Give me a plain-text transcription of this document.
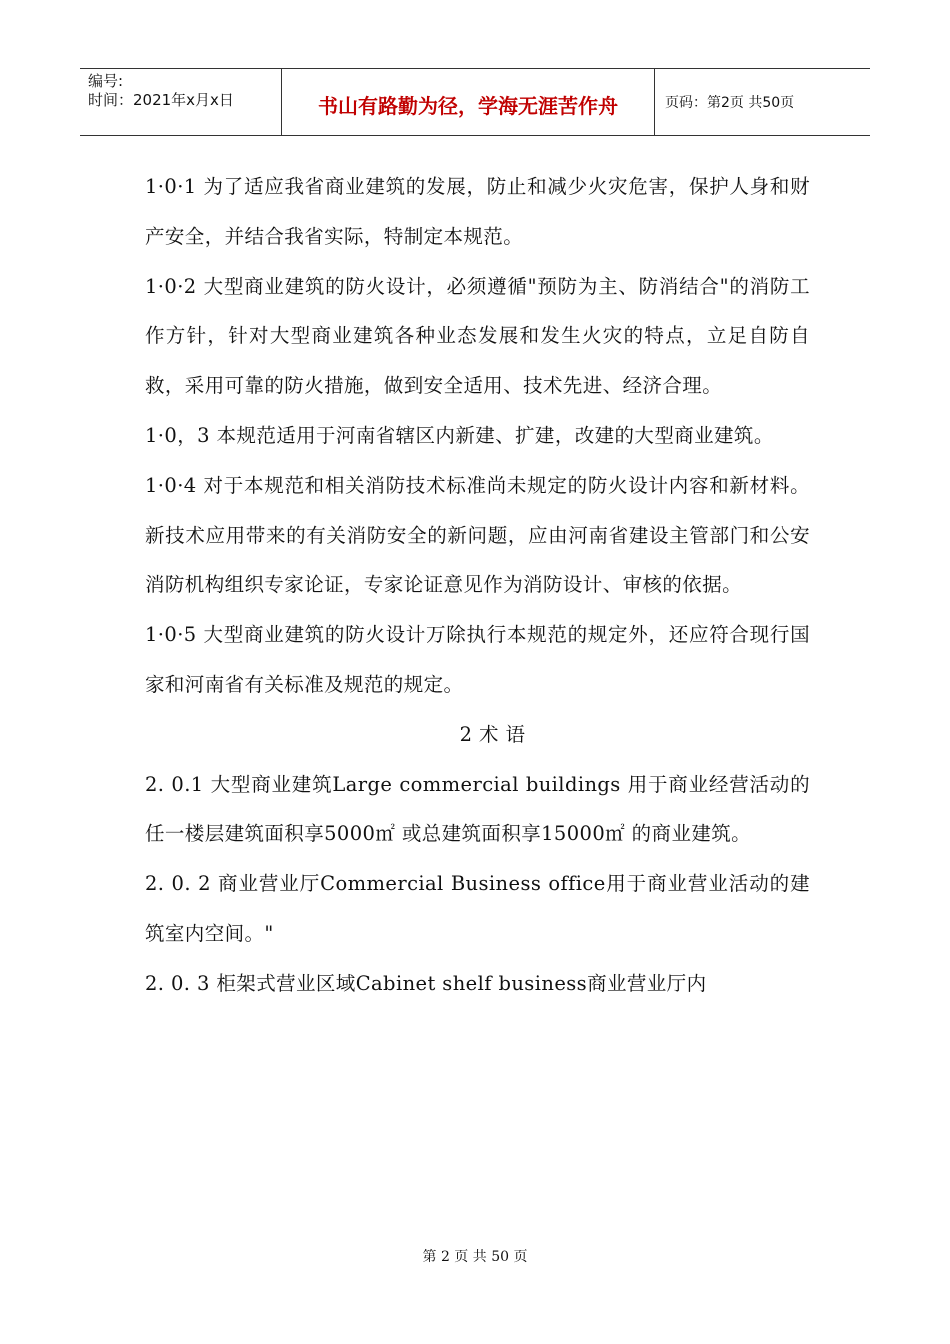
编号:
时间：2021年x月x日	书山有路勤为径，学海无涯苦作舟	页码：第2页 共50页

1·0·1 为了适应我省商业建筑的发展，防止和减少火灾危害，保护人身和财产安全，并结合我省实际，特制定本规范。

1·0·2 大型商业建筑的防火设计，必须遵循"预防为主、防消结合"的消防工作方针，针对大型商业建筑各种业态发展和发生火灾的特点，立足自防自救，采用可靠的防火措施，做到安全适用、技术先进、经济合理。

1·0，3 本规范适用于河南省辖区内新建、扩建，改建的大型商业建筑。

1·0·4 对于本规范和相关消防技术标准尚未规定的防火设计内容和新材料。新技术应用带来的有关消防安全的新问题，应由河南省建设主管部门和公安消防机构组织专家论证，专家论证意见作为消防设计、审核的依据。

1·0·5 大型商业建筑的防火设计万除执行本规范的规定外，还应符合现行国家和河南省有关标准及规范的规定。

2 术 语

2. 0.1 大型商业建筑Large commercial buildings 用于商业经营活动的任一楼层建筑面积享5000㎡ 或总建筑面积享15000㎡ 的商业建筑。

2. 0. 2 商业营业厅Commercial Business office用于商业营业活动的建筑室内空间。"

2. 0. 3 柜架式营业区域Cabinet shelf business商业营业厅内

第 2 页 共 50 页
